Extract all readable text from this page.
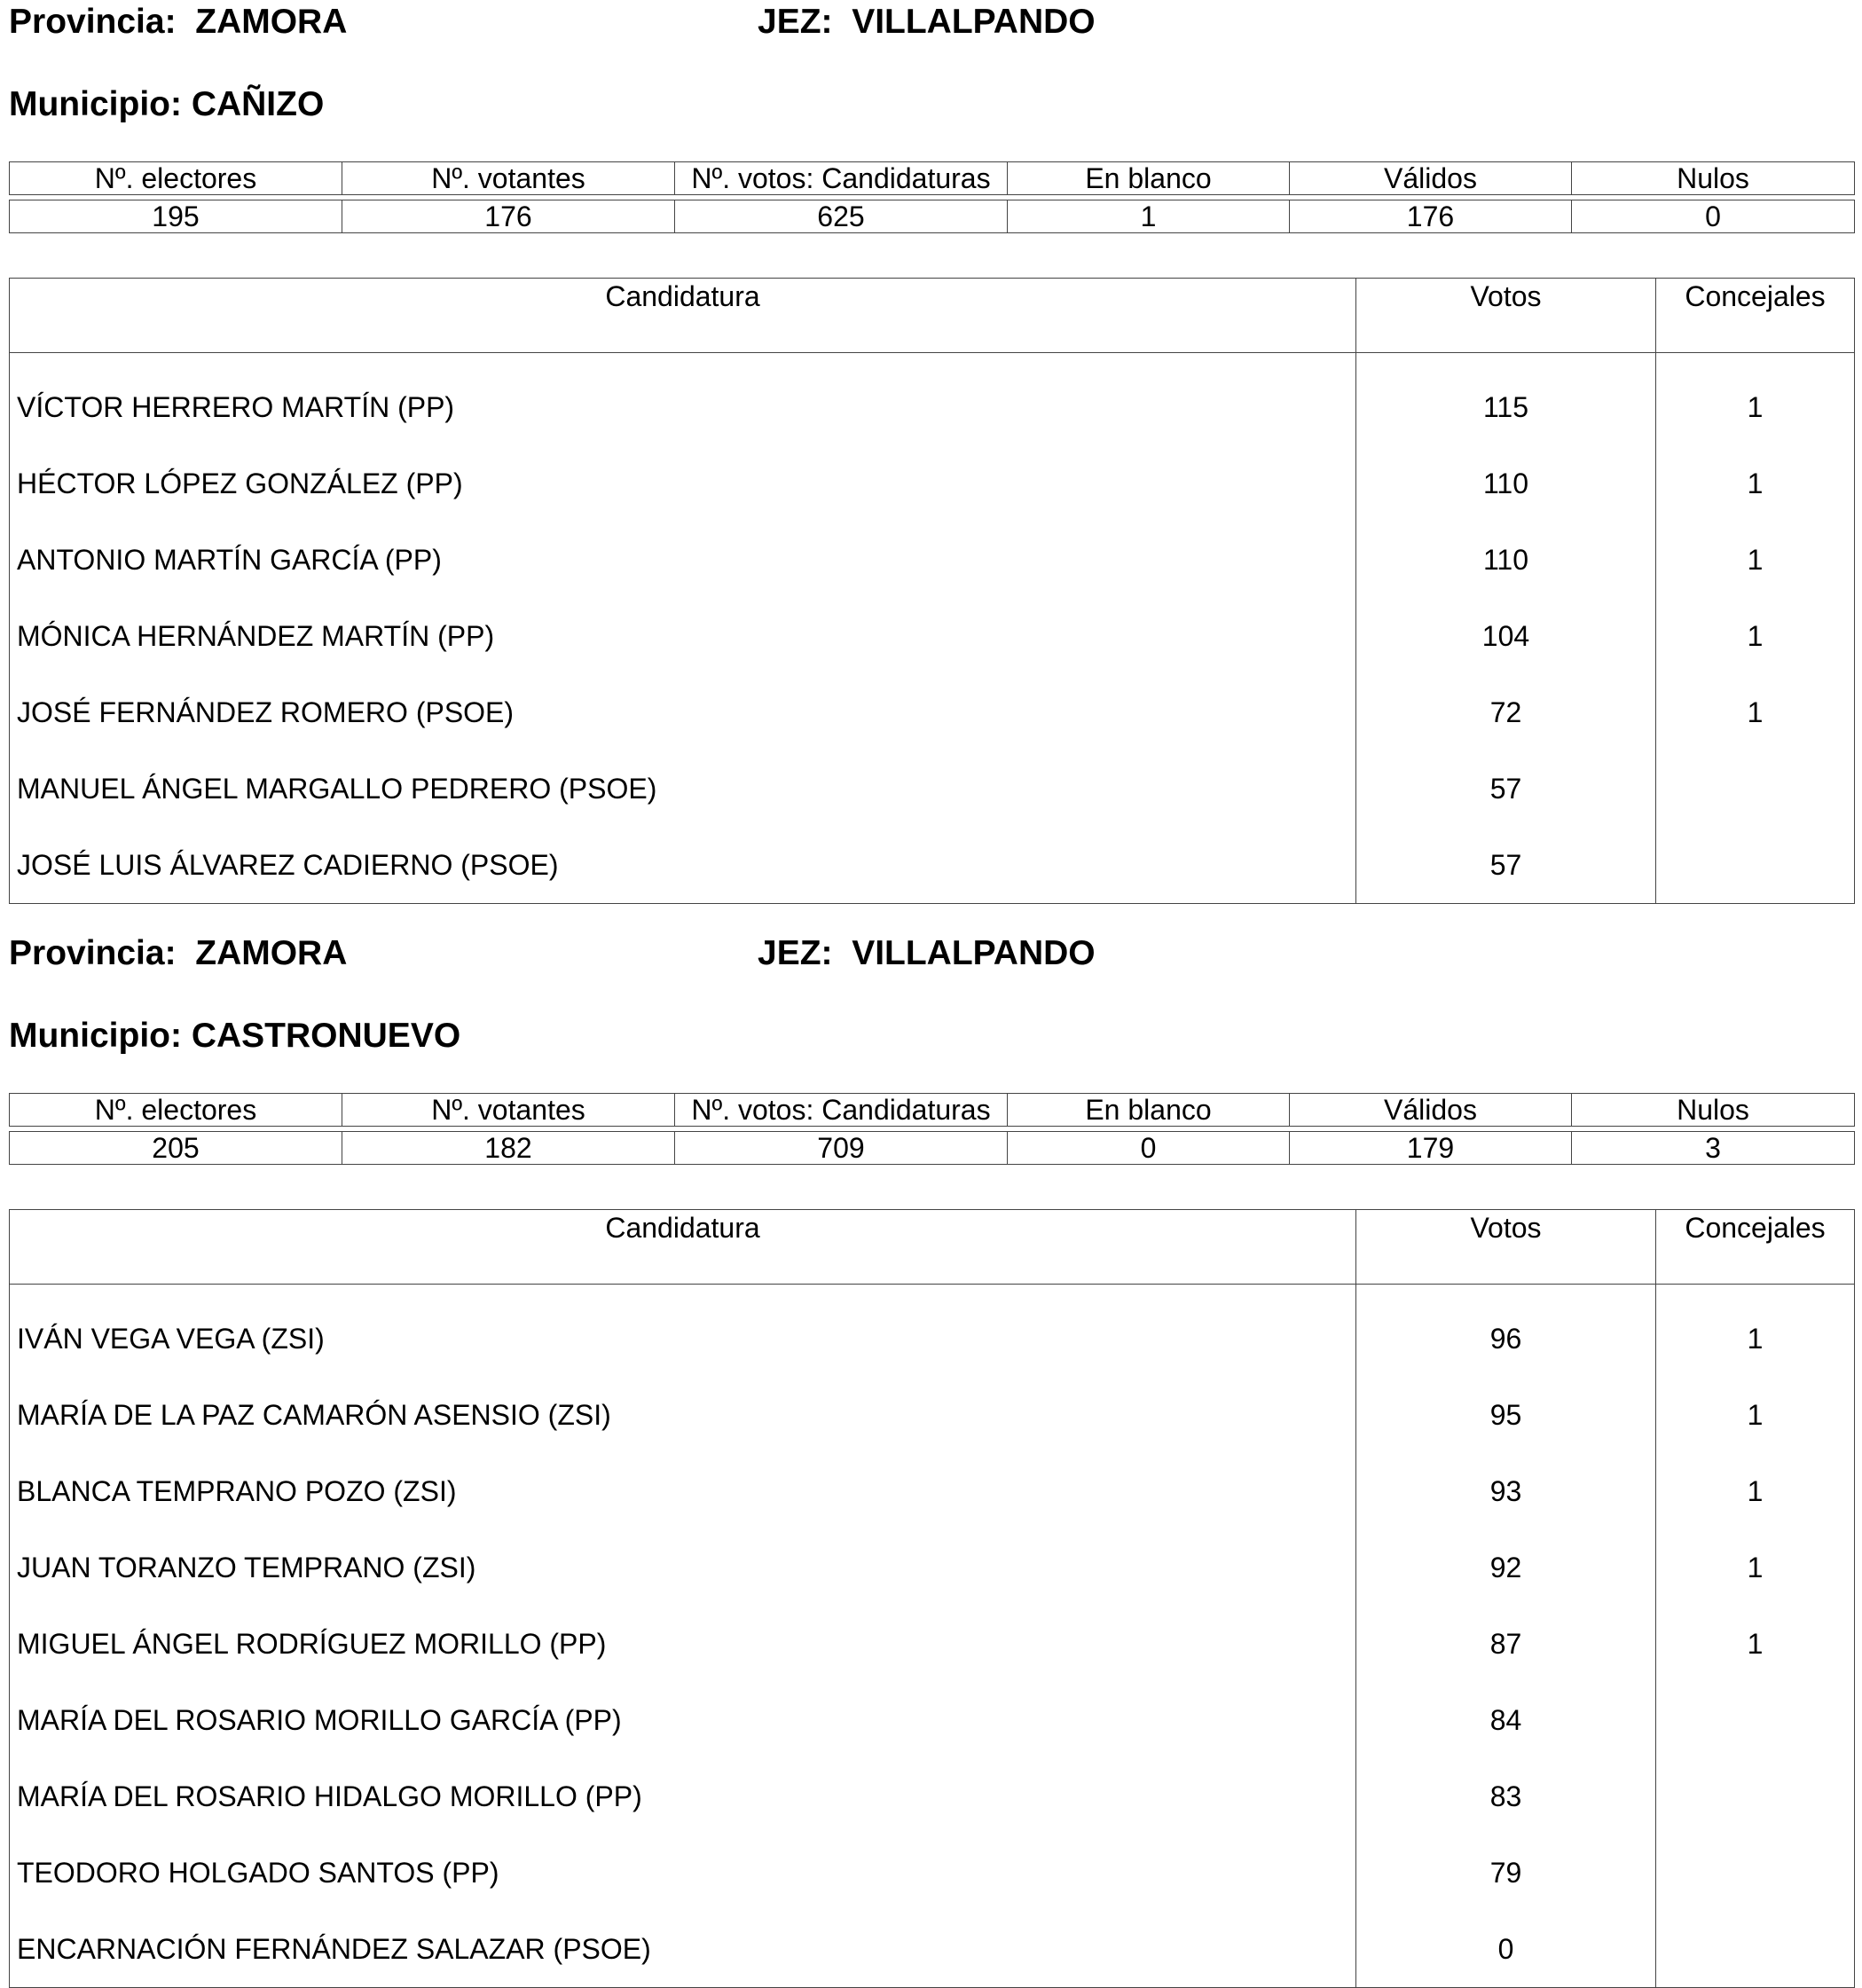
Provincia: ZAMORA	JEZ: VILLALPANDO
Municipio: CAÑIZO
Nº. electores	Nº. votantes	Nº. votos: Candidaturas	En blanco	Válidos	Nulos
195	176	625	1	176	0
Candidatura	Votos	Concejales
VÍCTOR HERRERO MARTÍN (PP)	115	1
HÉCTOR LÓPEZ GONZÁLEZ (PP)	110	1
ANTONIO MARTÍN GARCÍA (PP)	110	1
MÓNICA HERNÁNDEZ MARTÍN (PP)	104	1
JOSÉ FERNÁNDEZ ROMERO (PSOE)	72	1
MANUEL ÁNGEL MARGALLO PEDRERO (PSOE)	57	
JOSÉ LUIS ÁLVAREZ CADIERNO (PSOE)	57	
Provincia: ZAMORA	JEZ: VILLALPANDO
Municipio: CASTRONUEVO
Nº. electores	Nº. votantes	Nº. votos: Candidaturas	En blanco	Válidos	Nulos
205	182	709	0	179	3
Candidatura	Votos	Concejales
IVÁN VEGA VEGA (ZSI)	96	1
MARÍA DE LA PAZ CAMARÓN ASENSIO (ZSI)	95	1
BLANCA TEMPRANO POZO (ZSI)	93	1
JUAN TORANZO TEMPRANO (ZSI)	92	1
MIGUEL ÁNGEL RODRÍGUEZ MORILLO (PP)	87	1
MARÍA DEL ROSARIO MORILLO GARCÍA (PP)	84	
MARÍA DEL ROSARIO HIDALGO MORILLO (PP)	83	
TEODORO HOLGADO SANTOS (PP)	79	
ENCARNACIÓN FERNÁNDEZ SALAZAR (PSOE)	0	
